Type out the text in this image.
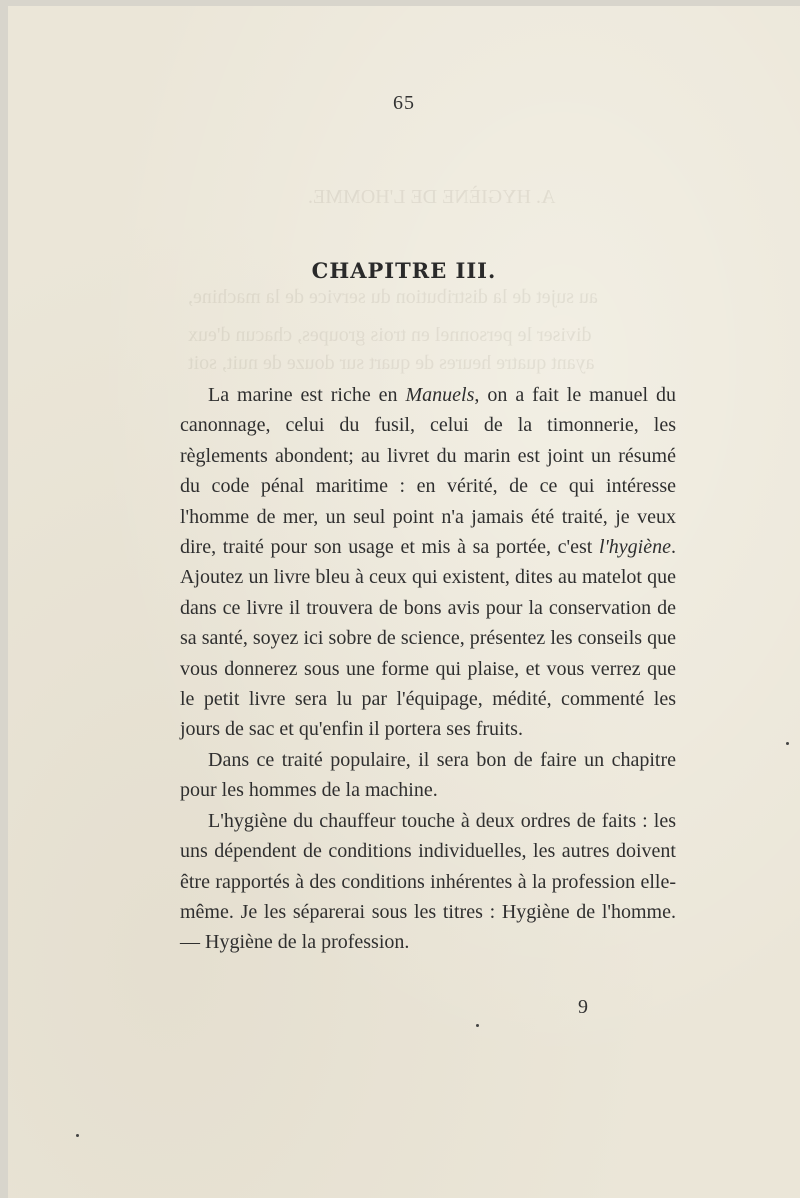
A. HYGIÈNE DE L'HOMME.
au sujet de la distribution du service de la machine,
diviser le personnel en trois groupes, chacun d'eux
ayant quatre heures de quart sur douze de nuit, soit
65
CHAPITRE III.

La marine est riche en Manuels, on a fait le manuel du canonnage, celui du fusil, celui de la timonnerie, les règlements abondent; au livret du marin est joint un résumé du code pénal maritime : en vérité, de ce qui intéresse l'homme de mer, un seul point n'a jamais été traité, je veux dire, traité pour son usage et mis à sa portée, c'est l'hygiène. Ajoutez un livre bleu à ceux qui existent, dites au matelot que dans ce livre il trouvera de bons avis pour la conservation de sa santé, soyez ici sobre de science, présentez les conseils que vous donnerez sous une forme qui plaise, et vous verrez que le petit livre sera lu par l'équipage, médité, commenté les jours de sac et qu'enfin il portera ses fruits.

Dans ce traité populaire, il sera bon de faire un chapitre pour les hommes de la machine.

L'hygiène du chauffeur touche à deux ordres de faits : les uns dépendent de conditions individuelles, les autres doivent être rapportés à des conditions inhérentes à la profession elle-même. Je les séparerai sous les titres : Hygiène de l'homme. — Hygiène de la profession.

9
